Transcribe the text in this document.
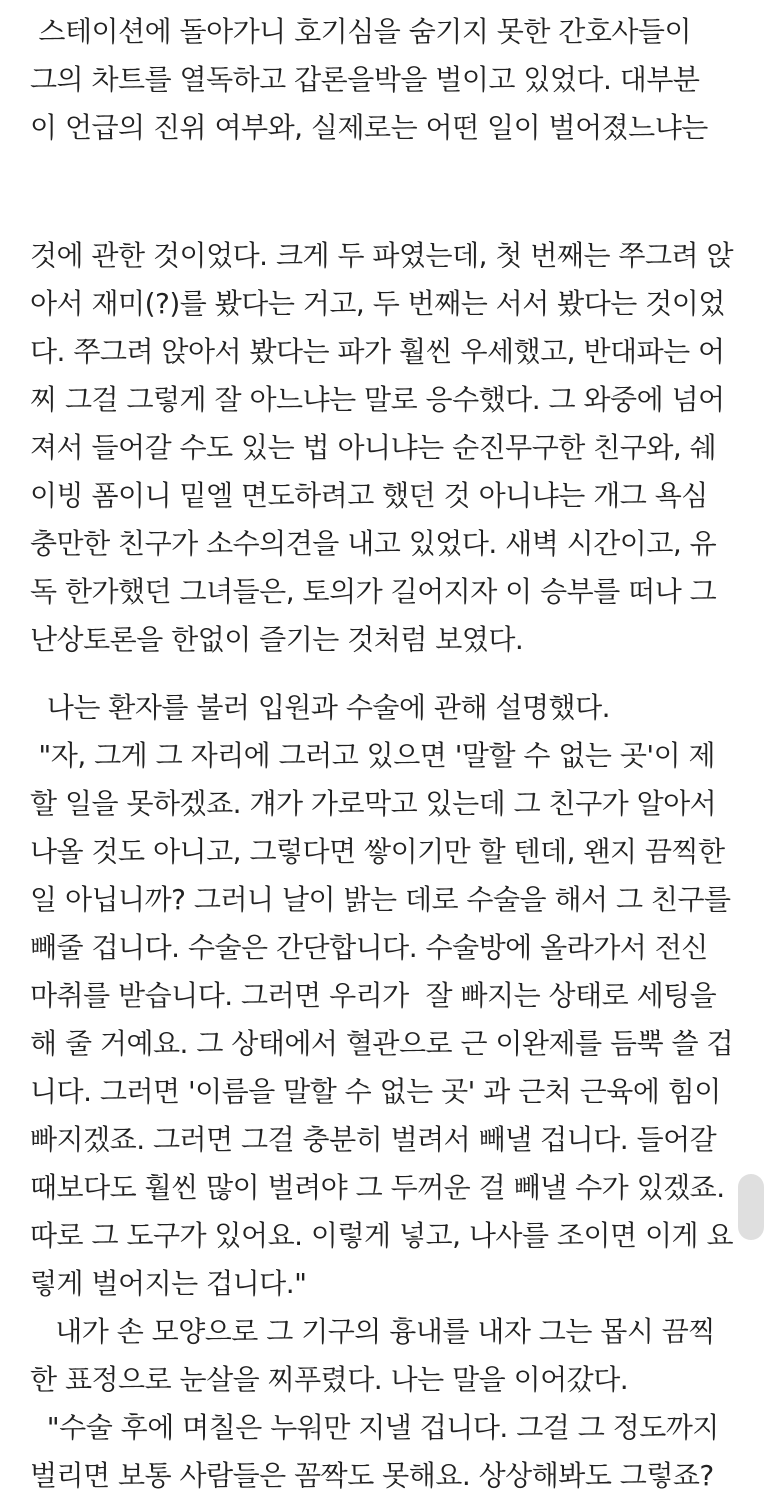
스테이션에 돌아가니 호기심을 숨기지 못한 간호사들이
그의 차트를 열독하고 갑론을박을 벌이고 있었다. 대부분
이 언급의 진위 여부와, 실제로는 어떤 일이 벌어졌느냐는
것에 관한 것이었다. 크게 두 파였는데, 첫 번째는 쭈그려 앉
아서 재미(?)를 봤다는 거고, 두 번째는 서서 봤다는 것이었
다. 쭈그려 앉아서 봤다는 파가 훨씬 우세했고, 반대파는 어
찌 그걸 그렇게 잘 아느냐는 말로 응수했다. 그 와중에 넘어
져서 들어갈 수도 있는 법 아니냐는 순진무구한 친구와, 쉐
이빙 폼이니 밑엘 면도하려고 했던 것 아니냐는 개그 욕심
충만한 친구가 소수의견을 내고 있었다. 새벽 시간이고, 유
독 한가했던 그녀들은, 토의가 길어지자 이 승부를 떠나 그
난상토론을 한없이 즐기는 것처럼 보였다.
나는 환자를 불러 입원과 수술에 관해 설명했다.
"자, 그게 그 자리에 그러고 있으면 '말할 수 없는 곳'이 제
할 일을 못하겠죠. 걔가 가로막고 있는데 그 친구가 알아서
나올 것도 아니고, 그렇다면 쌓이기만 할 텐데, 왠지 끔찍한
일 아닙니까? 그러니 날이 밝는 데로 수술을 해서 그 친구를
빼줄 겁니다. 수술은 간단합니다. 수술방에 올라가서 전신
마취를 받습니다. 그러면 우리가  잘 빠지는 상태로 세팅을
해 줄 거예요. 그 상태에서 혈관으로 근 이완제를 듬뿍 쓸 겁
니다. 그러면 '이름을 말할 수 없는 곳' 과 근처 근육에 힘이
빠지겠죠. 그러면 그걸 충분히 벌려서 빼낼 겁니다. 들어갈
때보다도 훨씬 많이 벌려야 그 두꺼운 걸 빼낼 수가 있겠죠.
따로 그 도구가 있어요. 이렇게 넣고, 나사를 조이면 이게 요
렇게 벌어지는 겁니다."
내가 손 모양으로 그 기구의 흉내를 내자 그는 몹시 끔찍
한 표정으로 눈살을 찌푸렸다. 나는 말을 이어갔다.
"수술 후에 며칠은 누워만 지낼 겁니다. 그걸 그 정도까지
벌리면 보통 사람들은 꼼짝도 못해요. 상상해봐도 그렇죠?
